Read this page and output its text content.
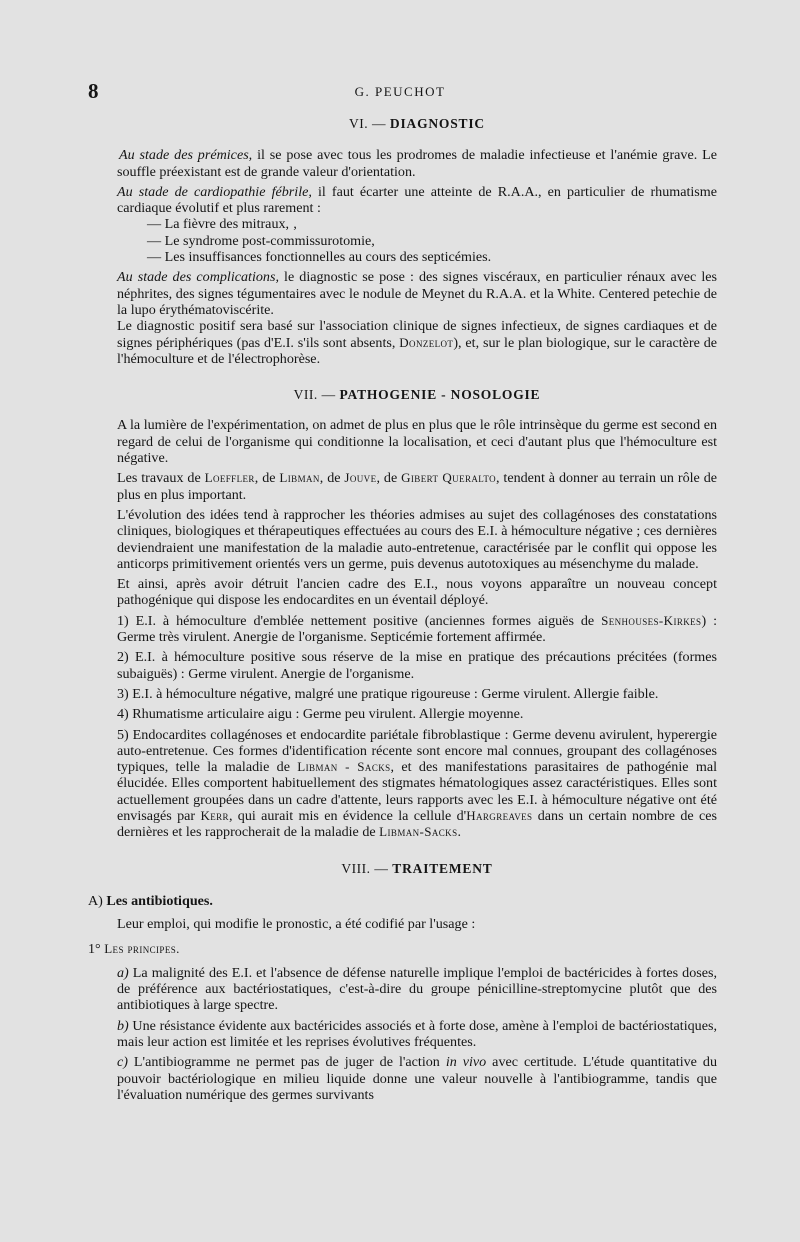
8	G. PEUCHOT
VI. — DIAGNOSTIC

Au stade des prémices, il se pose avec tous les prodromes de maladie infectieuse et l'anémie grave. Le souffle préexistant est de grande valeur d'orientation.

Au stade de cardiopathie fébrile, il faut écarter une atteinte de R.A.A., en particulier de rhumatisme cardiaque évolutif et plus rarement :

— La fièvre des mitraux, ‚
— Le syndrome post-commissurotomie,
— Les insuffisances fonctionnelles au cours des septicémies.

Au stade des complications, le diagnostic se pose : des signes viscéraux, en particulier rénaux avec les néphrites, des signes tégumentaires avec le nodule de Meynet du R.A.A. et la White. Centered petechie de la lupo érythématoviscérite.

Le diagnostic positif sera basé sur l'association clinique de signes infectieux, de signes cardiaques et de signes périphériques (pas d'E.I. s'ils sont absents, Donzelot), et, sur le plan biologique, sur le caractère de l'hémoculture et de l'électrophorèse.

VII. — PATHOGENIE - NOSOLOGIE

A la lumière de l'expérimentation, on admet de plus en plus que le rôle intrinsèque du germe est second en regard de celui de l'organisme qui conditionne la localisation, et ceci d'autant plus que l'hémoculture est négative.

Les travaux de Loeffler, de Libman, de Jouve, de Gibert Queralto, tendent à donner au terrain un rôle de plus en plus important.

L'évolution des idées tend à rapprocher les théories admises au sujet des collagénoses des constatations cliniques, biologiques et thérapeutiques effectuées au cours des E.I. à hémoculture négative ; ces dernières deviendraient une manifestation de la maladie auto-entretenue, caractérisée par le conflit qui oppose les anticorps primitivement orientés vers un germe, puis devenus autotoxiques au mésenchyme du malade.

Et ainsi, après avoir détruit l'ancien cadre des E.I., nous voyons apparaître un nouveau concept pathogénique qui dispose les endocardites en un éventail déployé.

1) E.I. à hémoculture d'emblée nettement positive (anciennes formes aiguës de Senhouses-Kirkes) : Germe très virulent. Anergie de l'organisme. Septicémie fortement affirmée.

2) E.I. à hémoculture positive sous réserve de la mise en pratique des précautions précitées (formes subaiguës) : Germe virulent. Anergie de l'organisme.

3) E.I. à hémoculture négative, malgré une pratique rigoureuse : Germe virulent. Allergie faible.

4) Rhumatisme articulaire aigu : Germe peu virulent. Allergie moyenne.

5) Endocardites collagénoses et endocardite pariétale fibroblastique : Germe devenu avirulent, hyperergie auto-entretenue. Ces formes d'identification récente sont encore mal connues, groupant des collagénoses typiques, telle la maladie de Libman - Sacks, et des manifestations parasitaires de pathogénie mal élucidée. Elles comportent habituellement des stigmates hématologiques assez caractéristiques. Elles sont actuellement groupées dans un cadre d'attente, leurs rapports avec les E.I. à hémoculture négative ont été envisagés par Kerr, qui aurait mis en évidence la cellule d'Hargreaves dans un certain nombre de ces dernières et les rapprocherait de la maladie de Libman-Sacks.

VIII. — TRAITEMENT

A) Les antibiotiques.

Leur emploi, qui modifie le pronostic, a été codifié par l'usage :

1° Les principes.

a) La malignité des E.I. et l'absence de défense naturelle implique l'emploi de bactéricides à fortes doses, de préférence aux bactériostatiques, c'est-à-dire du groupe pénicilline-streptomycine plutôt que des antibiotiques à large spectre.

b) Une résistance évidente aux bactéricides associés et à forte dose, amène à l'emploi de bactériostatiques, mais leur action est limitée et les reprises évolutives fréquentes.

c) L'antibiogramme ne permet pas de juger de l'action in vivo avec certitude. L'étude quantitative du pouvoir bactériologique en milieu liquide donne une valeur nouvelle à l'antibiogramme, tandis que l'évaluation numérique des germes survivants
